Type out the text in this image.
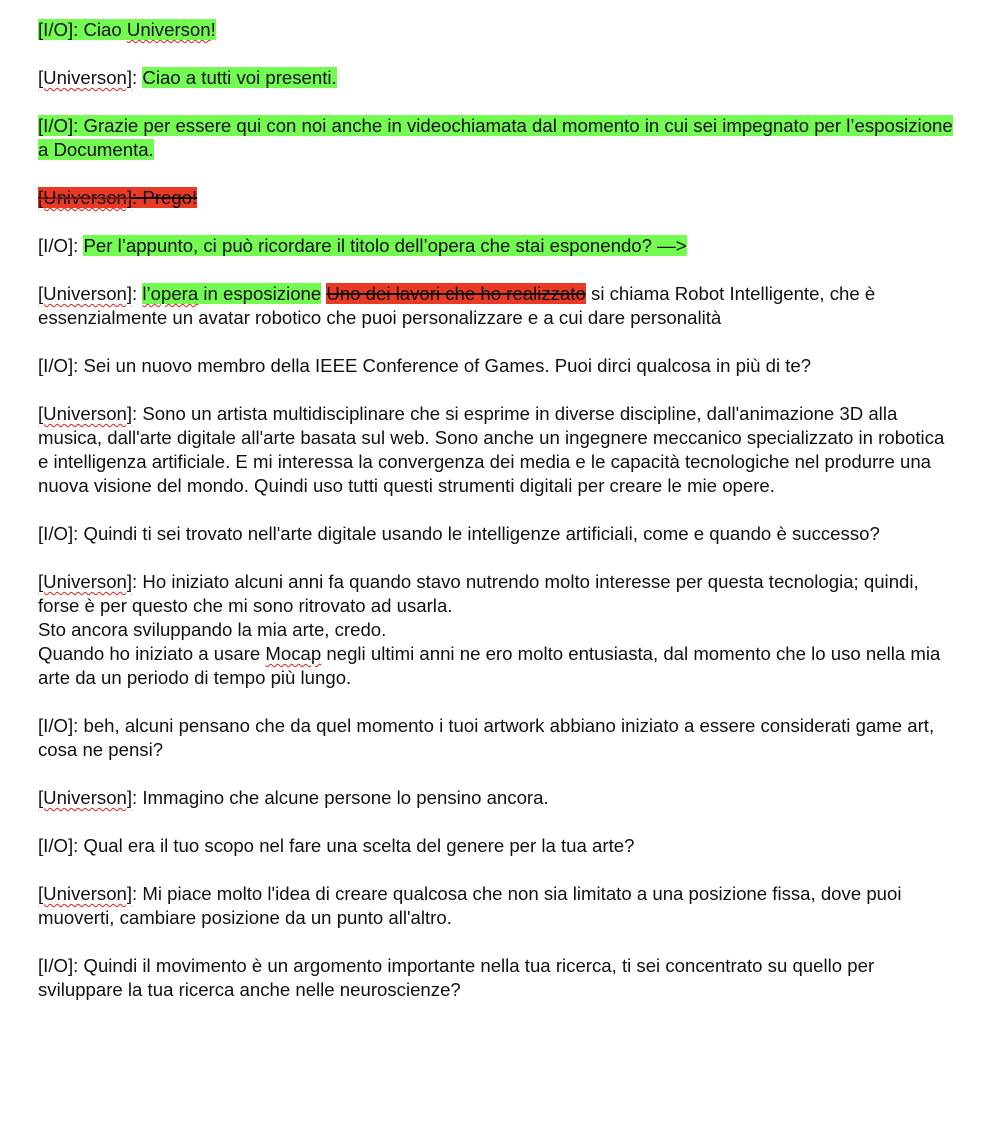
[I/O]: Ciao Universon!

[Universon]: Ciao a tutti voi presenti.

[I/O]: Grazie per essere qui con noi anche in videochiamata dal momento in cui sei impegnato per l’esposizione a Documenta.

[Universon]: Prego!

[I/O]: Per l’appunto, ci può ricordare il titolo dell’opera che stai esponendo? —>

[Universon]: l’opera in esposizione Uno dei lavori che ho realizzato si chiama Robot Intelligente, che è essenzialmente un avatar robotico che puoi personalizzare e a cui dare personalità

[I/O]: Sei un nuovo membro della IEEE Conference of Games. Puoi dirci qualcosa in più di te?

[Universon]: Sono un artista multidisciplinare che si esprime in diverse discipline, dall'animazione 3D alla musica, dall'arte digitale all'arte basata sul web. Sono anche un ingegnere meccanico specializzato in robotica e intelligenza artificiale. E mi interessa la convergenza dei media e le capacità tecnologiche nel produrre una nuova visione del mondo. Quindi uso tutti questi strumenti digitali per creare le mie opere.

[I/O]: Quindi ti sei trovato nell'arte digitale usando le intelligenze artificiali, come e quando è successo?

[Universon]: Ho iniziato alcuni anni fa quando stavo nutrendo molto interesse per questa tecnologia; quindi, forse è per questo che mi sono ritrovato ad usarla.
Sto ancora sviluppando la mia arte, credo.
Quando ho iniziato a usare Mocap negli ultimi anni ne ero molto entusiasta, dal momento che lo uso nella mia arte da un periodo di tempo più lungo.

[I/O]: beh, alcuni pensano che da quel momento i tuoi artwork abbiano iniziato a essere considerati game art, cosa ne pensi?

[Universon]: Immagino che alcune persone lo pensino ancora.

[I/O]: Qual era il tuo scopo nel fare una scelta del genere per la tua arte?

[Universon]: Mi piace molto l'idea di creare qualcosa che non sia limitato a una posizione fissa, dove puoi muoverti, cambiare posizione da un punto all'altro.

[I/O]: Quindi il movimento è un argomento importante nella tua ricerca, ti sei concentrato su quello per sviluppare la tua ricerca anche nelle neuroscienze?
